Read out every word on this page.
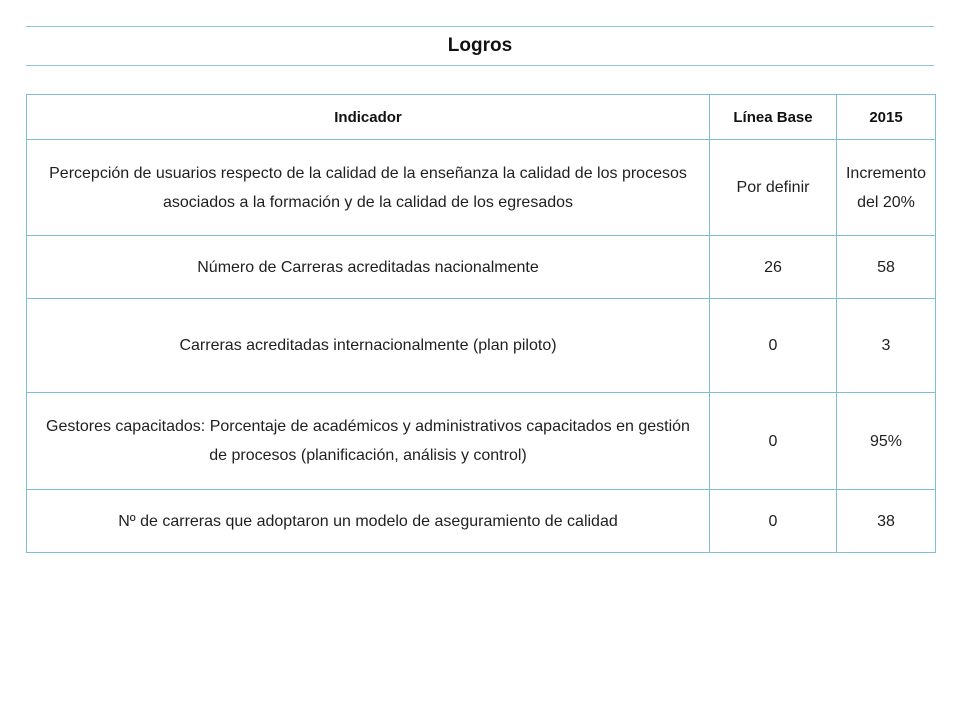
Logros
Indicador	Línea Base	2015
Percepción de usuarios respecto de la calidad de la enseñanza la calidad de los procesos asociados a la formación y de la calidad de los egresados	Por definir	Incremento del 20%
Número de Carreras acreditadas nacionalmente	26	58
Carreras acreditadas internacionalmente (plan piloto)	0	3
Gestores capacitados: Porcentaje de académicos y administrativos capacitados en gestión de procesos (planificación, análisis y control)	0	95%
Nº de carreras que adoptaron un modelo de aseguramiento de calidad	0	38
